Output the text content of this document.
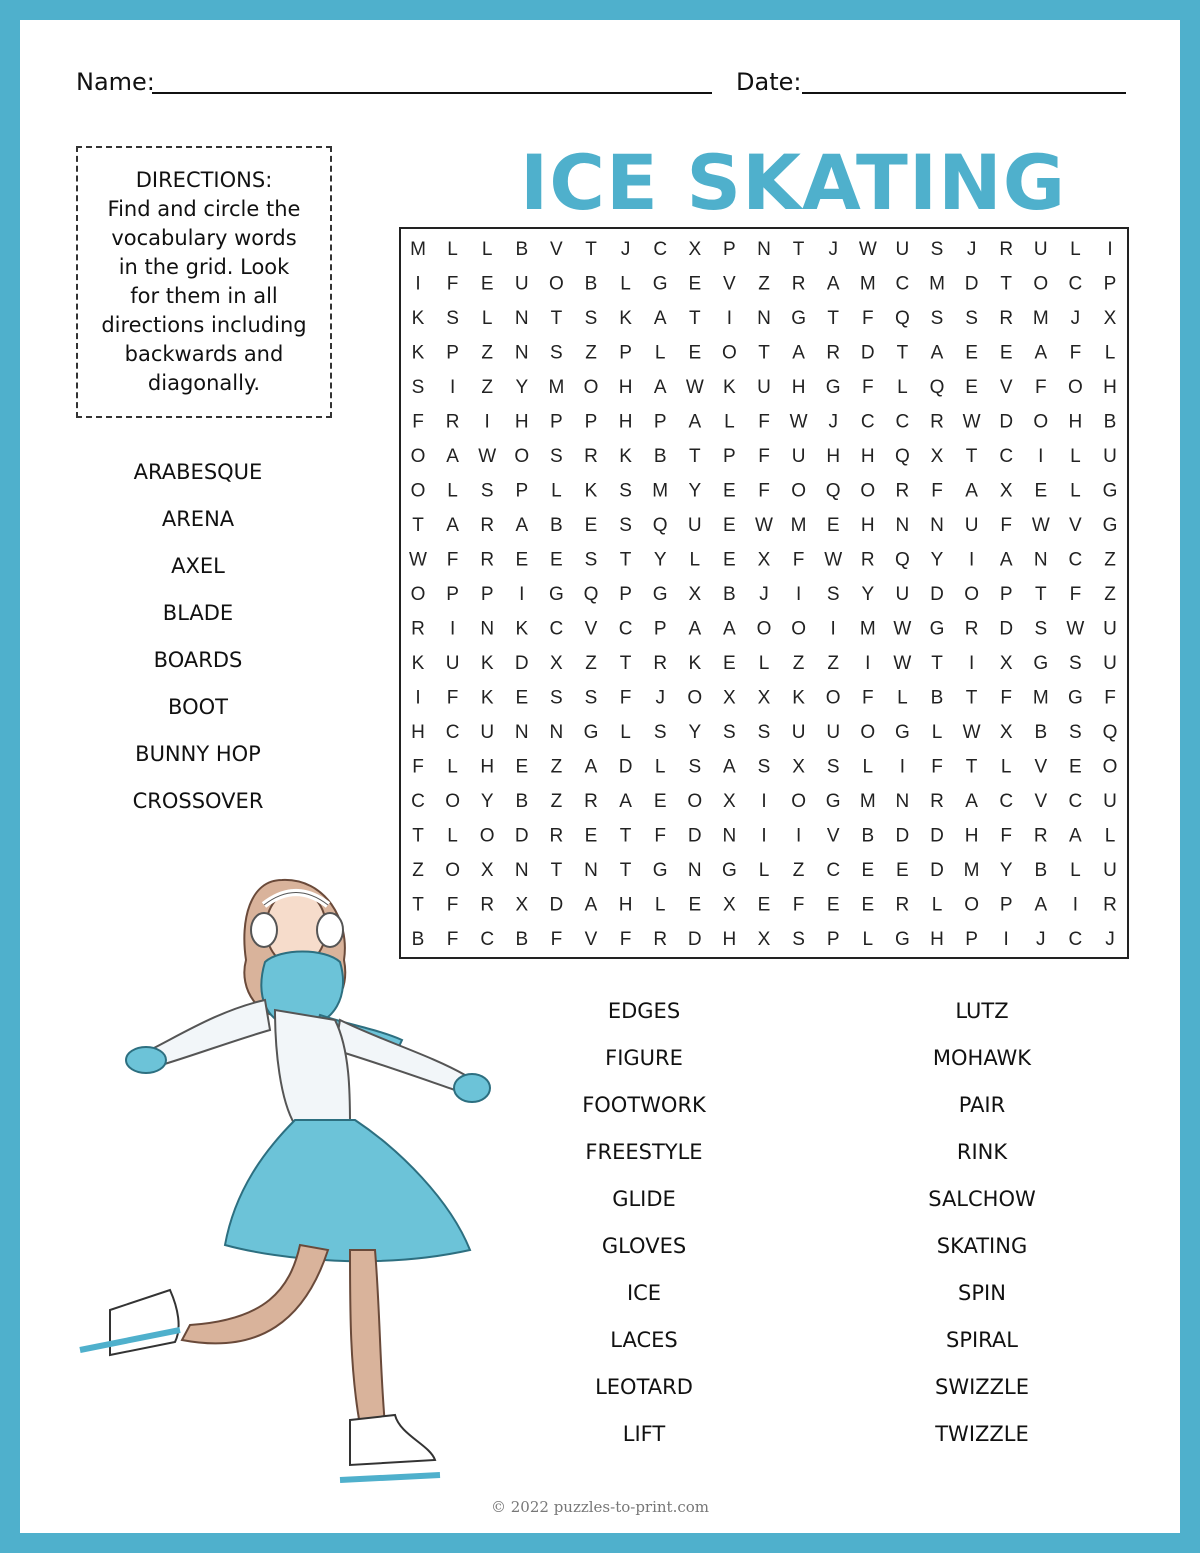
Name:	Date:
ICE SKATING
DIRECTIONS:
Find and circle the
vocabulary words
in the grid. Look
for them in all
directions including
backwards and
diagonally.
ARABESQUE
ARENA
AXEL
BLADE
BOARDS
BOOT
BUNNY HOP
CROSSOVER
M L L B V T J C X P N T J W U S J R U L I
I F E U O B L G E V Z R A M C M D T O C P
K S L N T S K A T I N G T F Q S S R M J X
K P Z N S Z P L E O T A R D T A E E A F L
S I Z Y M O H A W K U H G F L Q E V F O H
F R I H P P H P A L F W J C C R W D O H B
O A W O S R K B T P F U H H Q X T C I L U
O L S P L K S M Y E F O Q O R F A X E L G
T A R A B E S Q U E W M E H N N U F W V G
W F R E E S T Y L E X F W R Q Y I A N C Z
O P P I G Q P G X B J I S Y U D O P T F Z
R I N K C V C P A A O O I M W G R D S W U
K U K D X Z T R K E L Z Z I W T I X G S U
I F K E S S F J O X X K O F L B T F M G F
H C U N N G L S Y S S U U O G L W X B S Q
F L H E Z A D L S A S X S L I F T L V E O
C O Y B Z R A E O X I O G M N R A C V C U
T L O D R E T F D N I I V B D D H F R A L
Z O X N T N T G N G L Z C E E D M Y B L U
T F R X D A H L E X E F E E R L O P A I R
B F C B F V F R D H X S P L G H P I J C J
EDGES
FIGURE
FOOTWORK
FREESTYLE
GLIDE
GLOVES
ICE
LACES
LEOTARD
LIFT
LUTZ
MOHAWK
PAIR
RINK
SALCHOW
SKATING
SPIN
SPIRAL
SWIZZLE
TWIZZLE
© 2022 puzzles-to-print.com
